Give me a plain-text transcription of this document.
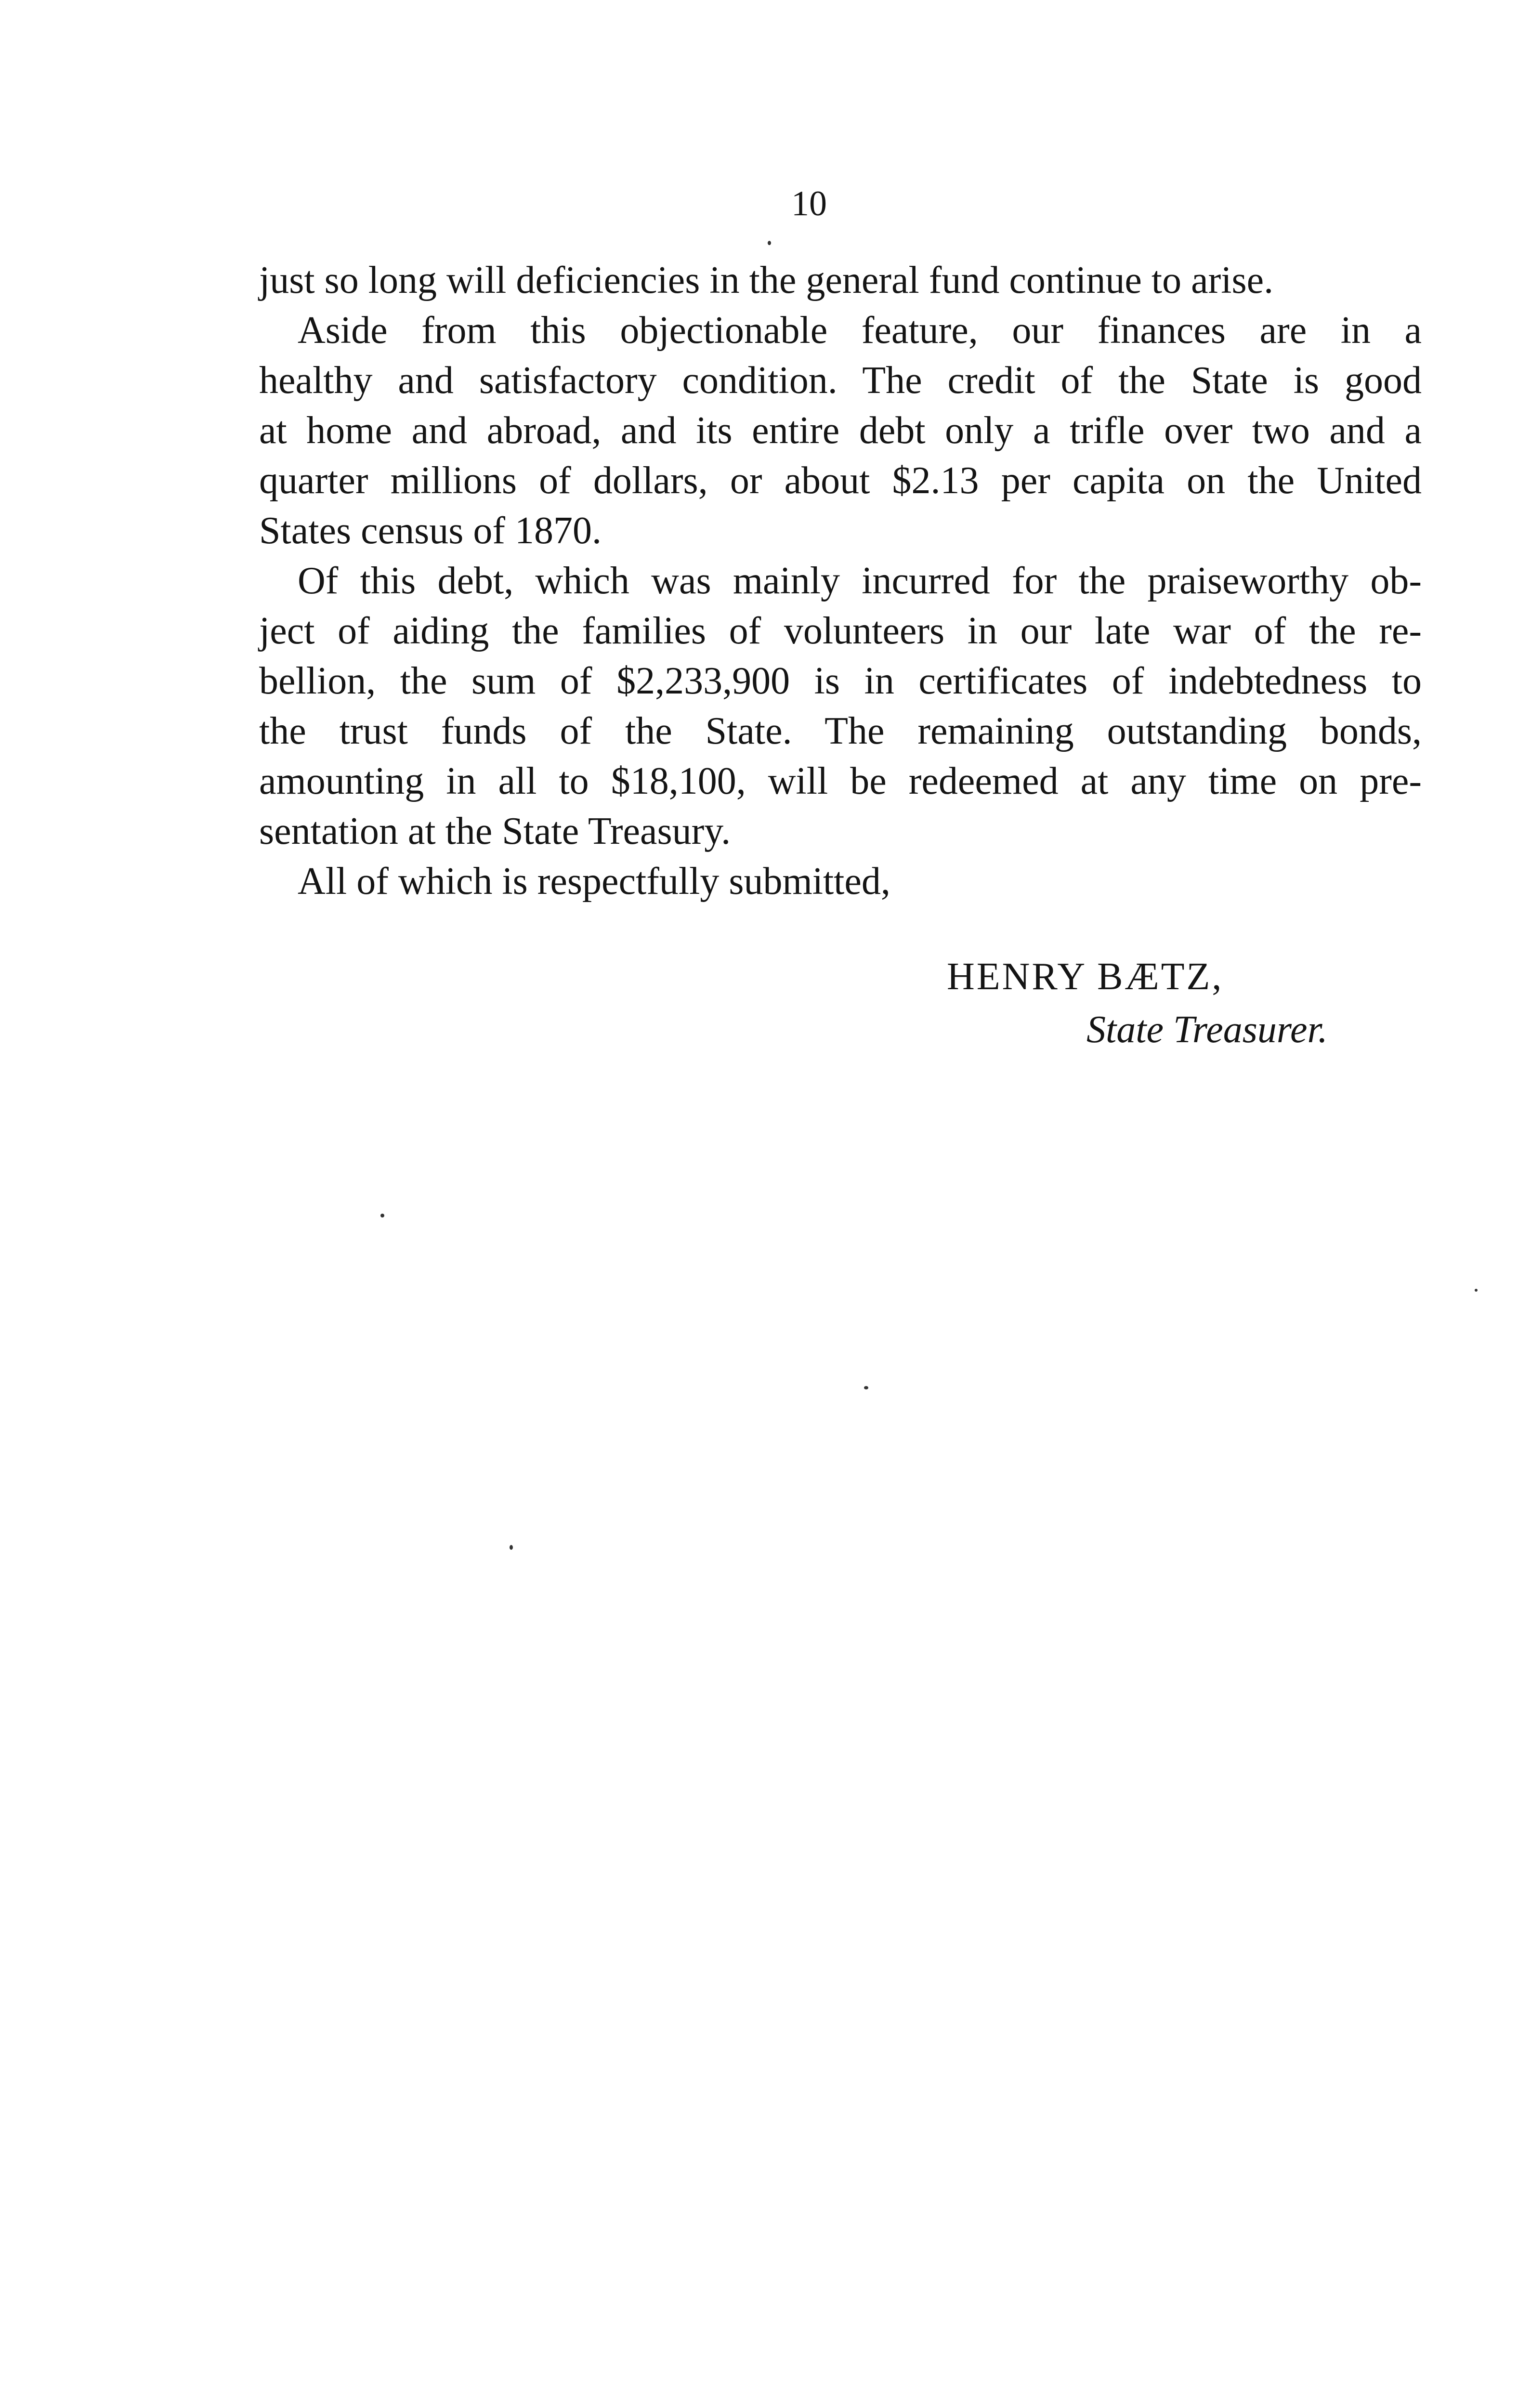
10

just so long will deficiencies in the general fund continue to arise.

Aside from this objectionable feature, our finances are in a
healthy and satisfactory condition. The credit of the State is good
at home and abroad, and its entire debt only a trifle over two and a
quarter millions of dollars, or about $2.13 per capita on the United
States census of 1870.

Of this debt, which was mainly incurred for the praiseworthy ob-
ject of aiding the families of volunteers in our late war of the re-
bellion, the sum of $2,233,900 is in certificates of indebtedness to
the trust funds of the State. The remaining outstanding bonds,
amounting in all to $18,100, will be redeemed at any time on pre-
sentation at the State Treasury.

All of which is respectfully submitted,

HENRY BÆTZ,
State Treasurer.
